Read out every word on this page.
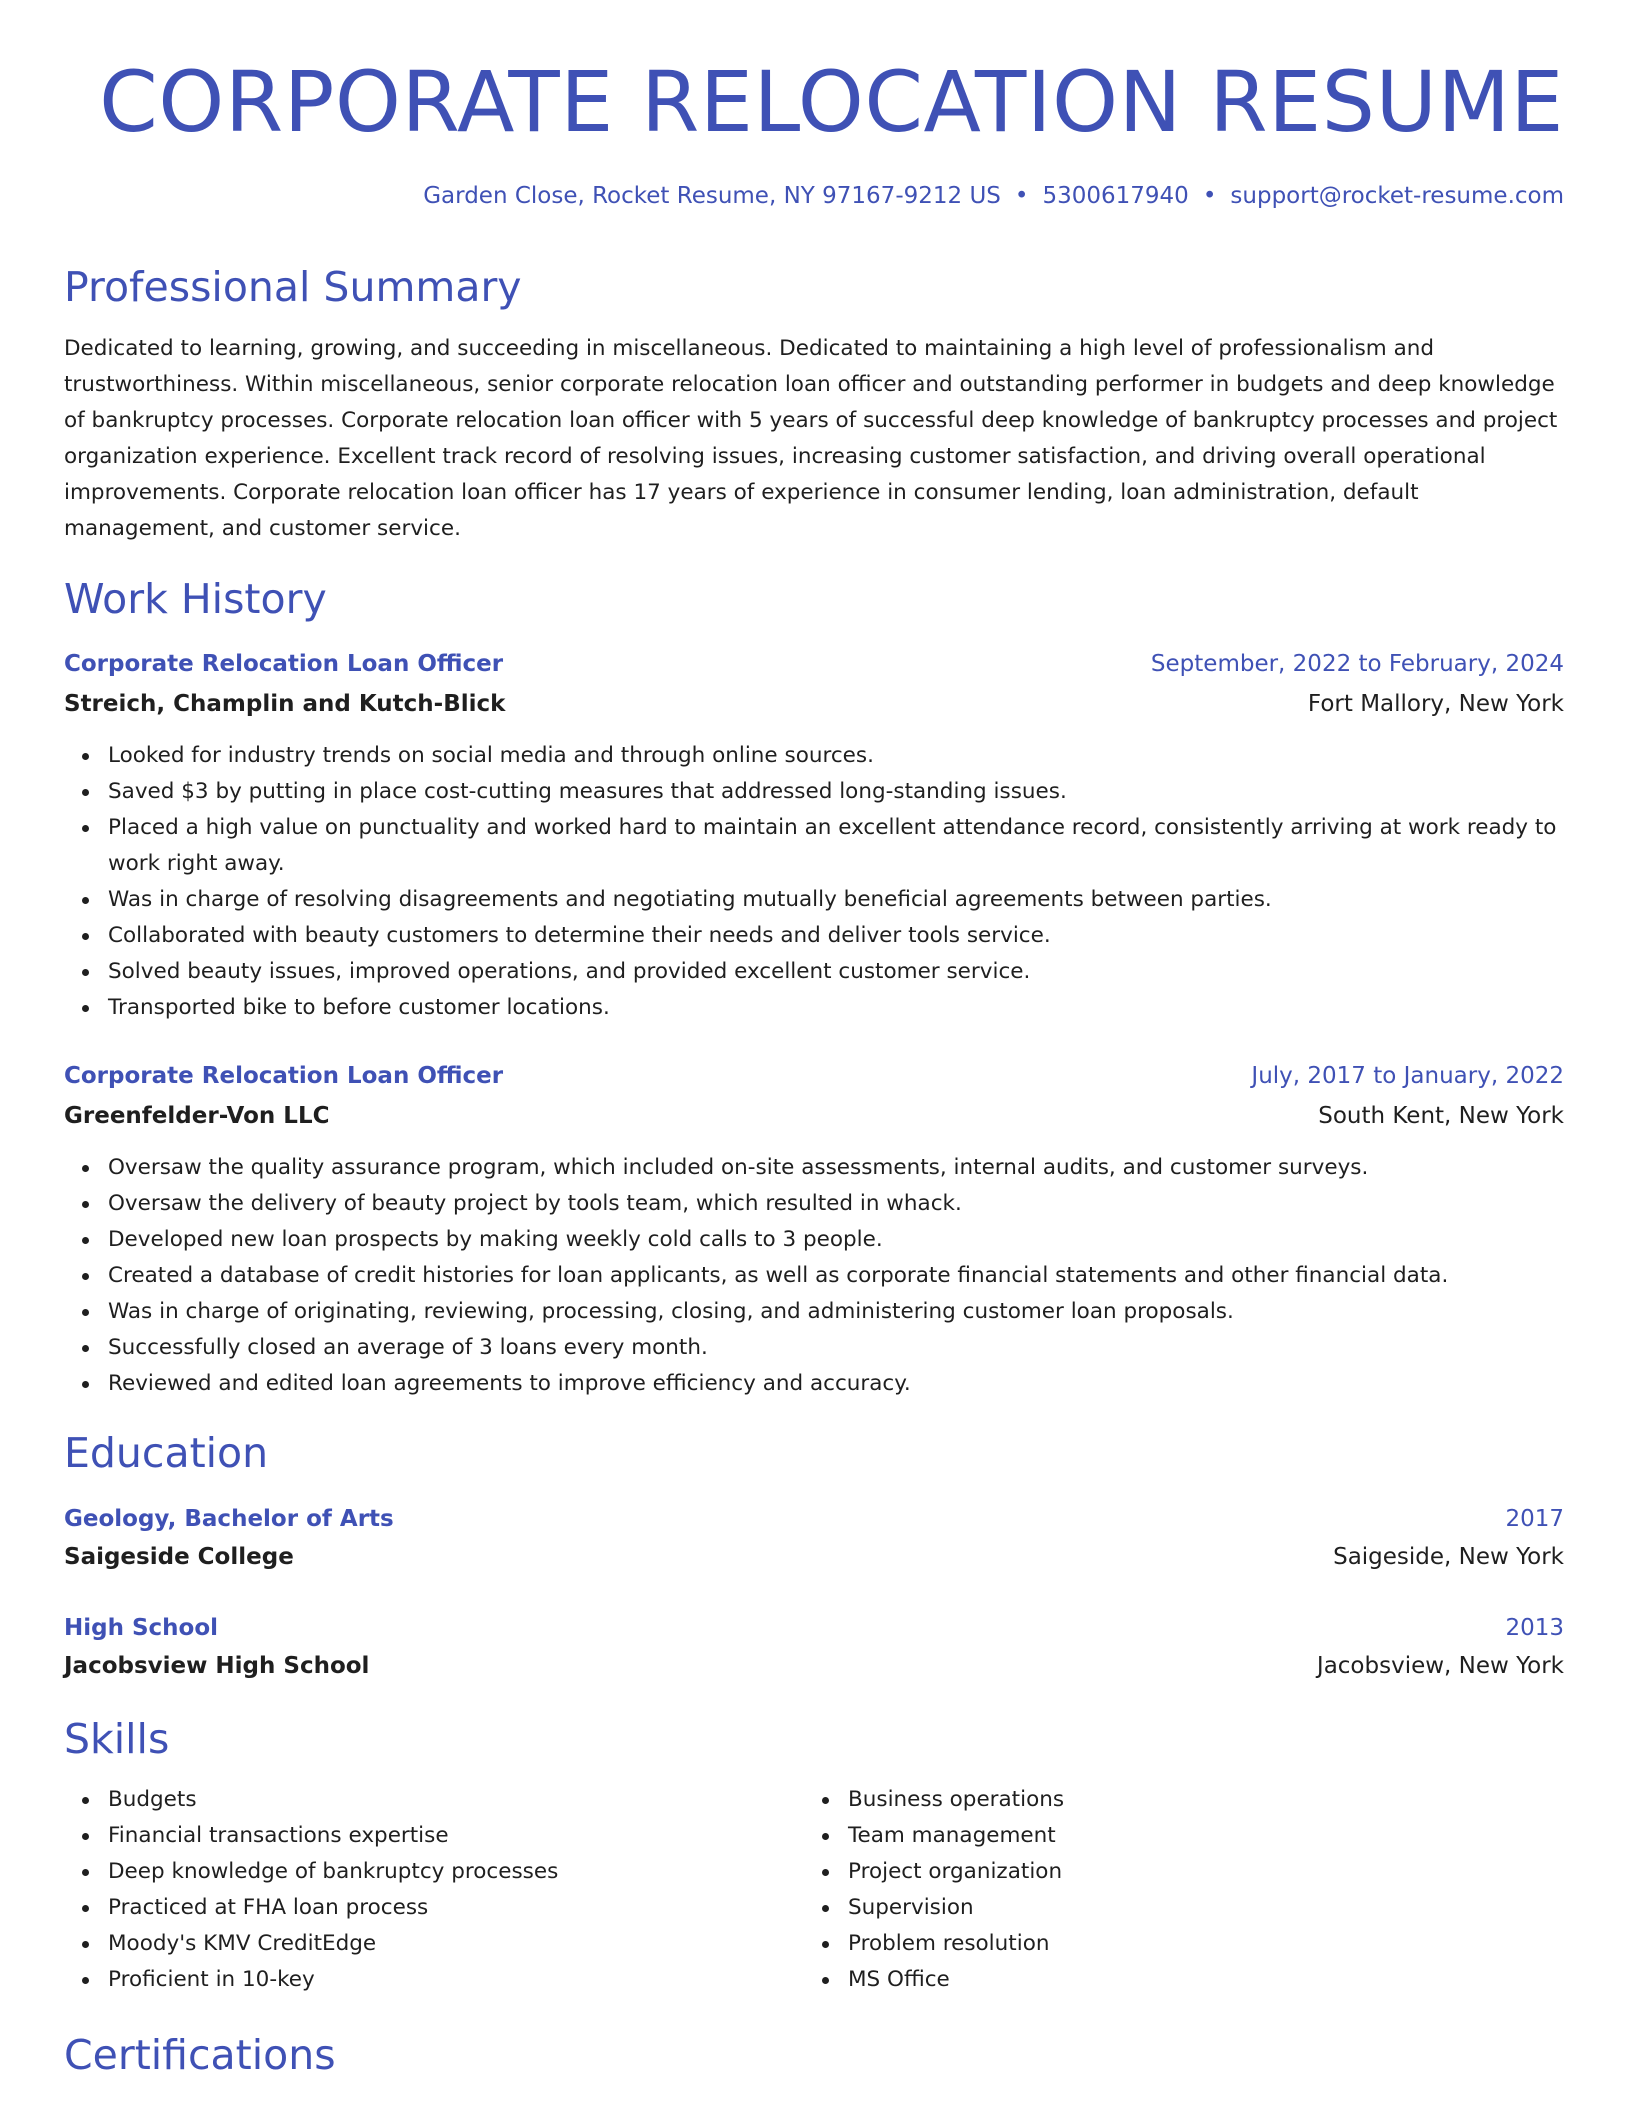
CORPORATE RELOCATION RESUME
Garden Close, Rocket Resume, NY 97167-9212 US • 5300617940 • support@rocket-resume.com
Professional Summary

Dedicated to learning, growing, and succeeding in miscellaneous. Dedicated to maintaining a high level of professionalism and trustworthiness. Within miscellaneous, senior corporate relocation loan officer and outstanding performer in budgets and deep knowledge of bankruptcy processes. Corporate relocation loan officer with 5 years of successful deep knowledge of bankruptcy processes and project organization experience. Excellent track record of resolving issues, increasing customer satisfaction, and driving overall operational improvements. Corporate relocation loan officer has 17 years of experience in consumer lending, loan administration, default management, and customer service.

Work History
Corporate Relocation Loan Officer	September, 2022 to February, 2024
Streich, Champlin and Kutch-Blick	Fort Mallory, New York
Looked for industry trends on social media and through online sources.
Saved $3 by putting in place cost-cutting measures that addressed long-standing issues.
Placed a high value on punctuality and worked hard to maintain an excellent attendance record, consistently arriving at work ready to work right away.
Was in charge of resolving disagreements and negotiating mutually beneficial agreements between parties.
Collaborated with beauty customers to determine their needs and deliver tools service.
Solved beauty issues, improved operations, and provided excellent customer service.
Transported bike to before customer locations.
Corporate Relocation Loan Officer	July, 2017 to January, 2022
Greenfelder-Von LLC	South Kent, New York
Oversaw the quality assurance program, which included on-site assessments, internal audits, and customer surveys.
Oversaw the delivery of beauty project by tools team, which resulted in whack.
Developed new loan prospects by making weekly cold calls to 3 people.
Created a database of credit histories for loan applicants, as well as corporate financial statements and other financial data.
Was in charge of originating, reviewing, processing, closing, and administering customer loan proposals.
Successfully closed an average of 3 loans every month.
Reviewed and edited loan agreements to improve efficiency and accuracy.
Education
Geology, Bachelor of Arts	2017
Saigeside College	Saigeside, New York
High School	2013
Jacobsview High School	Jacobsview, New York
Skills
Budgets
Financial transactions expertise
Deep knowledge of bankruptcy processes
Practiced at FHA loan process
Moody's KMV CreditEdge
Proficient in 10-key
Business operations
Team management
Project organization
Supervision
Problem resolution
MS Office
Certifications
